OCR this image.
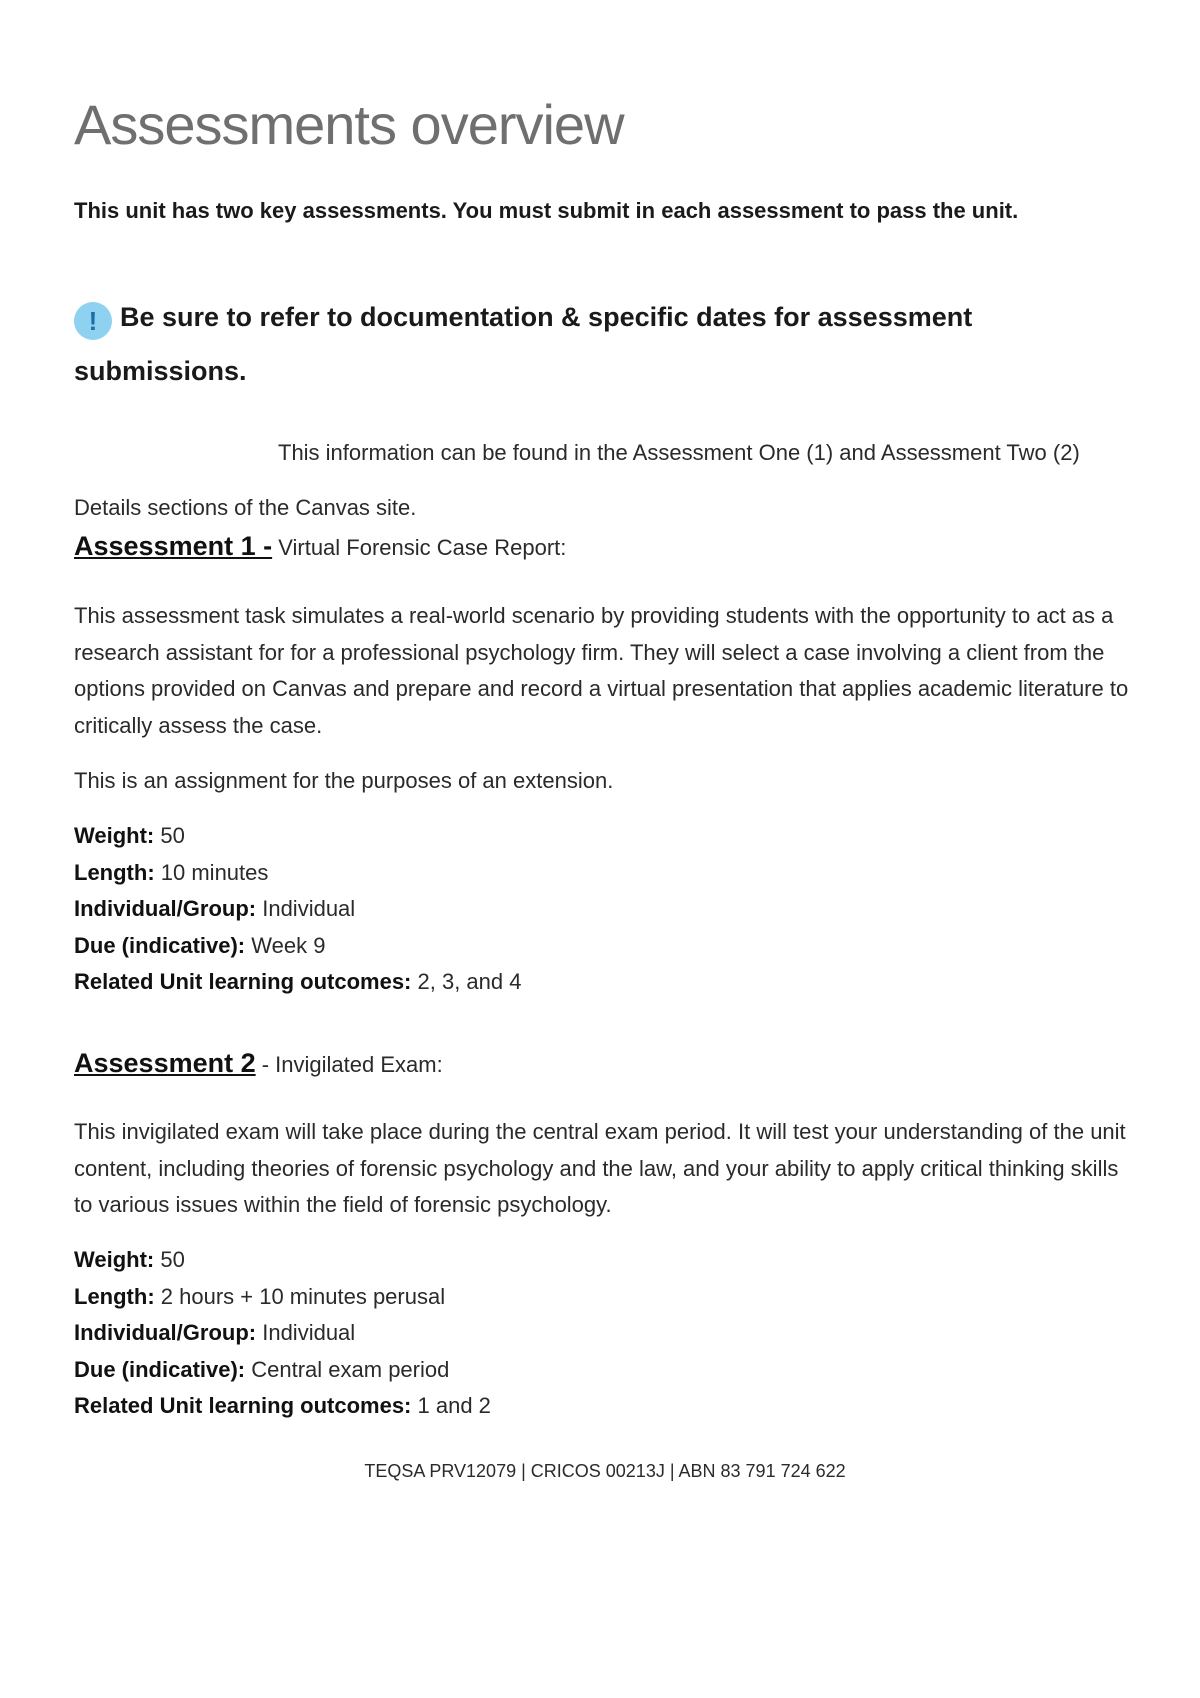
Assessments overview

This unit has two key assessments. You must submit in each assessment to pass the unit.

! Be sure to refer to documentation & specific dates for assessment submissions.

This information can be found in the Assessment One (1) and Assessment Two (2) Details sections of the Canvas site.

Assessment 1 - Virtual Forensic Case Report:

This assessment task simulates a real-world scenario by providing students with the opportunity to act as a research assistant for for a professional psychology firm. They will select a case involving a client from the options provided on Canvas and prepare and record a virtual presentation that applies academic literature to critically assess the case.

This is an assignment for the purposes of an extension.

Weight: 50
Length: 10 minutes
Individual/Group: Individual
Due (indicative): Week 9
Related Unit learning outcomes: 2, 3, and 4

Assessment 2 - Invigilated Exam:

This invigilated exam will take place during the central exam period. It will test your understanding of the unit content, including theories of forensic psychology and the law, and your ability to apply critical thinking skills to various issues within the field of forensic psychology.

Weight: 50
Length: 2 hours + 10 minutes perusal
Individual/Group: Individual
Due (indicative): Central exam period
Related Unit learning outcomes: 1 and 2

TEQSA PRV12079 | CRICOS 00213J | ABN 83 791 724 622
